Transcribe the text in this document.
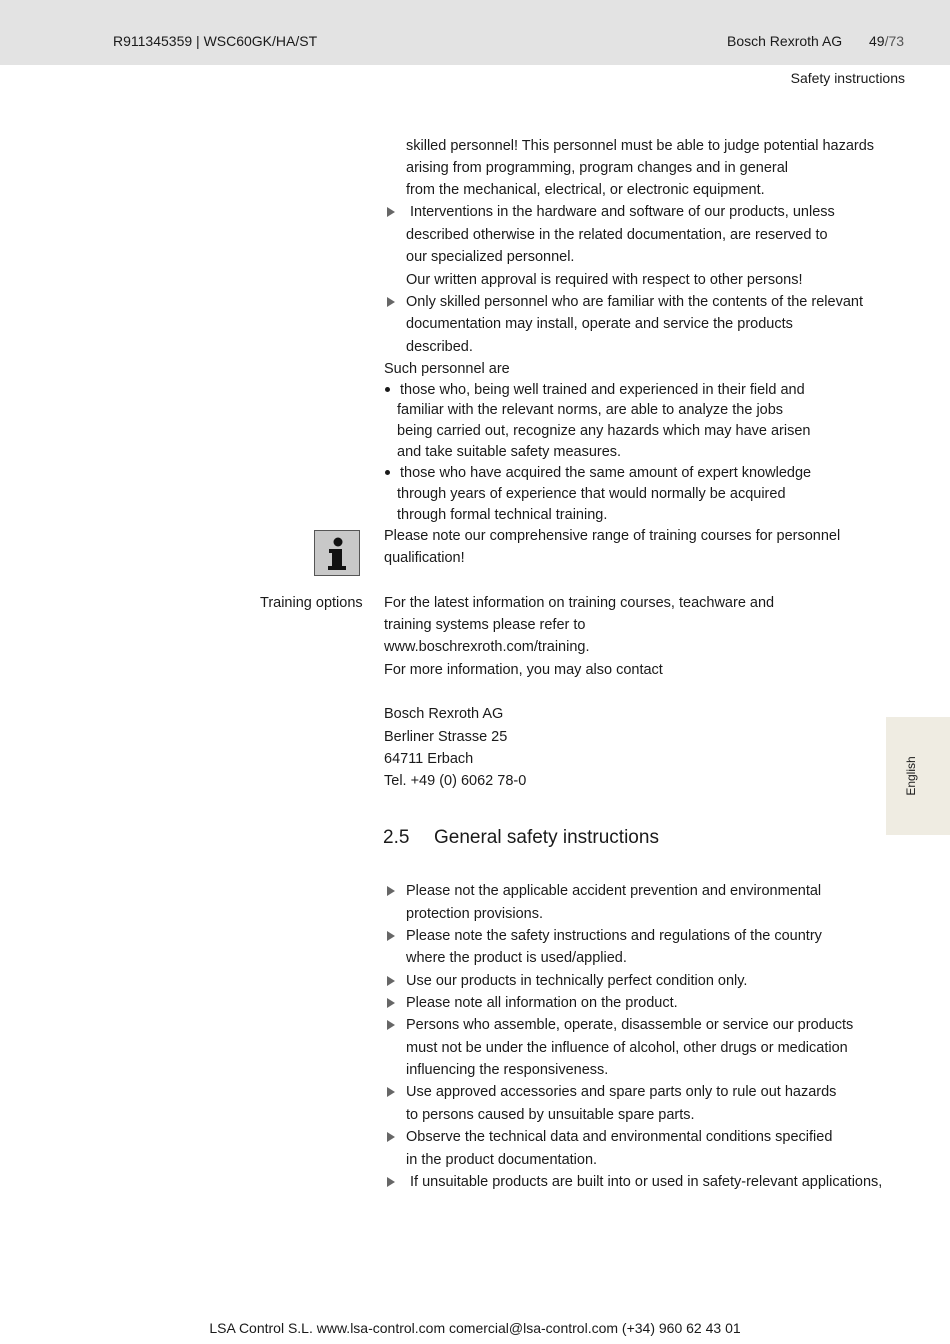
R911345359 | WSC60GK/HA/ST	Bosch Rexroth AG 49/73
Safety instructions
English
skilled personnel! This personnel must be able to judge potential hazards
arising from programming, program changes and in general
from the mechanical, electrical, or electronic equipment.
Interventions in the hardware and software of our products, unless
described otherwise in the related documentation, are reserved to
our specialized personnel.
Our written approval is required with respect to other persons!
Only skilled personnel who are familiar with the contents of the relevant
documentation may install, operate and service the products
described.
Such personnel are
those who, being well trained and experienced in their field and
familiar with the relevant norms, are able to analyze the jobs
being carried out, recognize any hazards which may have arisen
and take suitable safety measures.
those who have acquired the same amount of expert knowledge
through years of experience that would normally be acquired
through formal technical training.
Please note our comprehensive range of training courses for personnel
qualification!
Training options For the latest information on training courses, teachware and
training systems please refer to
www.boschrexroth.com/training.
For more information, you may also contact
Bosch Rexroth AG
Berliner Strasse 25
64711 Erbach
Tel. +49 (0) 6062 78-0
2.5 General safety instructions
Please not the applicable accident prevention and environmental
protection provisions.
Please note the safety instructions and regulations of the country
where the product is used/applied.
Use our products in technically perfect condition only.
Please note all information on the product.
Persons who assemble, operate, disassemble or service our products
must not be under the influence of alcohol, other drugs or medication
influencing the responsiveness.
Use approved accessories and spare parts only to rule out hazards
to persons caused by unsuitable spare parts.
Observe the technical data and environmental conditions specified
in the product documentation.
If unsuitable products are built into or used in safety-relevant applications,
LSA Control S.L. www.lsa-control.com comercial@lsa-control.com (+34) 960 62 43 01
